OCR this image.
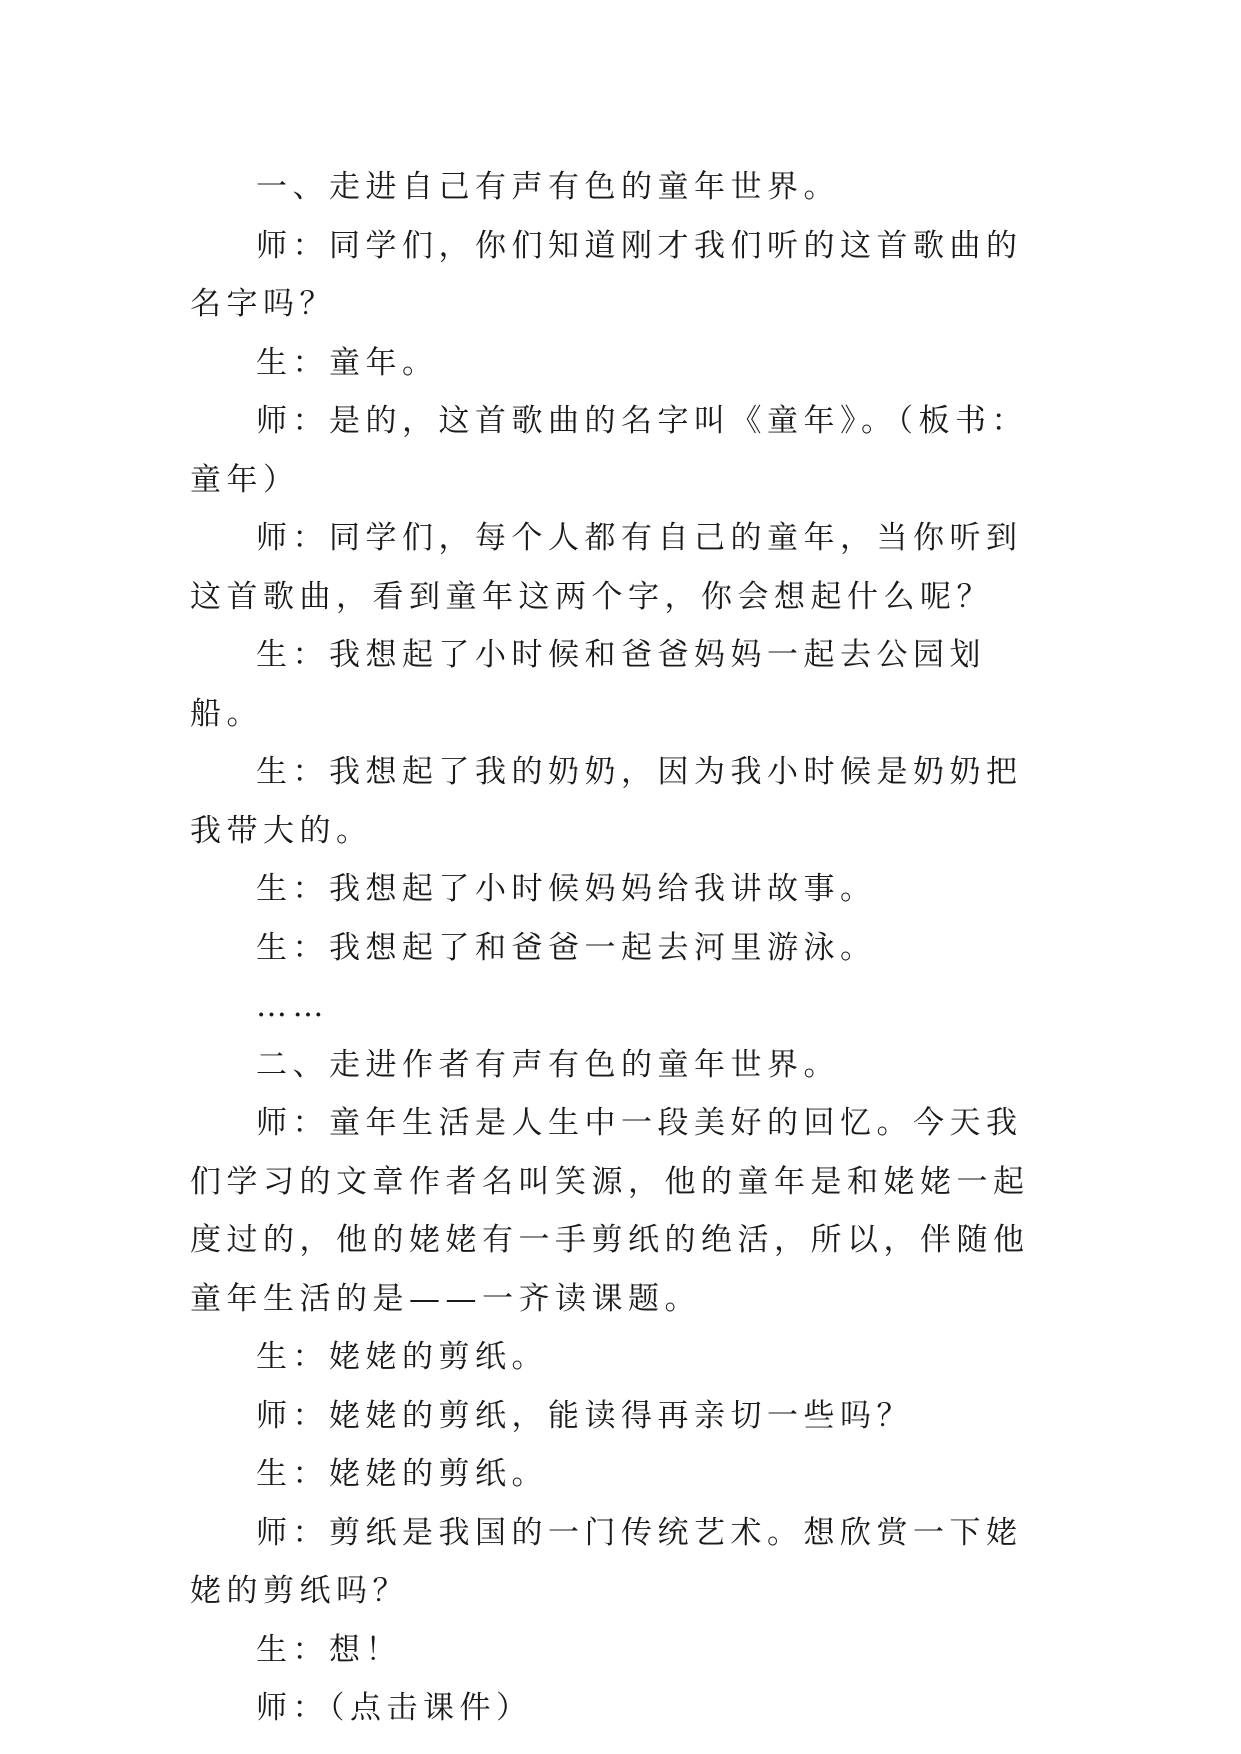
一、走进自己有声有色的童年世界。

师：同学们，你们知道刚才我们听的这首歌曲的名字吗？

生：童年。

师：是的，这首歌曲的名字叫《童年》。（板书：童年）

师：同学们，每个人都有自己的童年，当你听到这首歌曲，看到童年这两个字，你会想起什么呢？

生：我想起了小时候和爸爸妈妈一起去公园划船。

生：我想起了我的奶奶，因为我小时候是奶奶把我带大的。

生：我想起了小时候妈妈给我讲故事。

生：我想起了和爸爸一起去河里游泳。

……

二、走进作者有声有色的童年世界。

师：童年生活是人生中一段美好的回忆。今天我们学习的文章作者名叫笑源，他的童年是和姥姥一起度过的，他的姥姥有一手剪纸的绝活，所以，伴随他童年生活的是——一齐读课题。

生：姥姥的剪纸。

师：姥姥的剪纸，能读得再亲切一些吗？

生：姥姥的剪纸。

师：剪纸是我国的一门传统艺术。想欣赏一下姥姥的剪纸吗？

生：想！

师：（点击课件）
